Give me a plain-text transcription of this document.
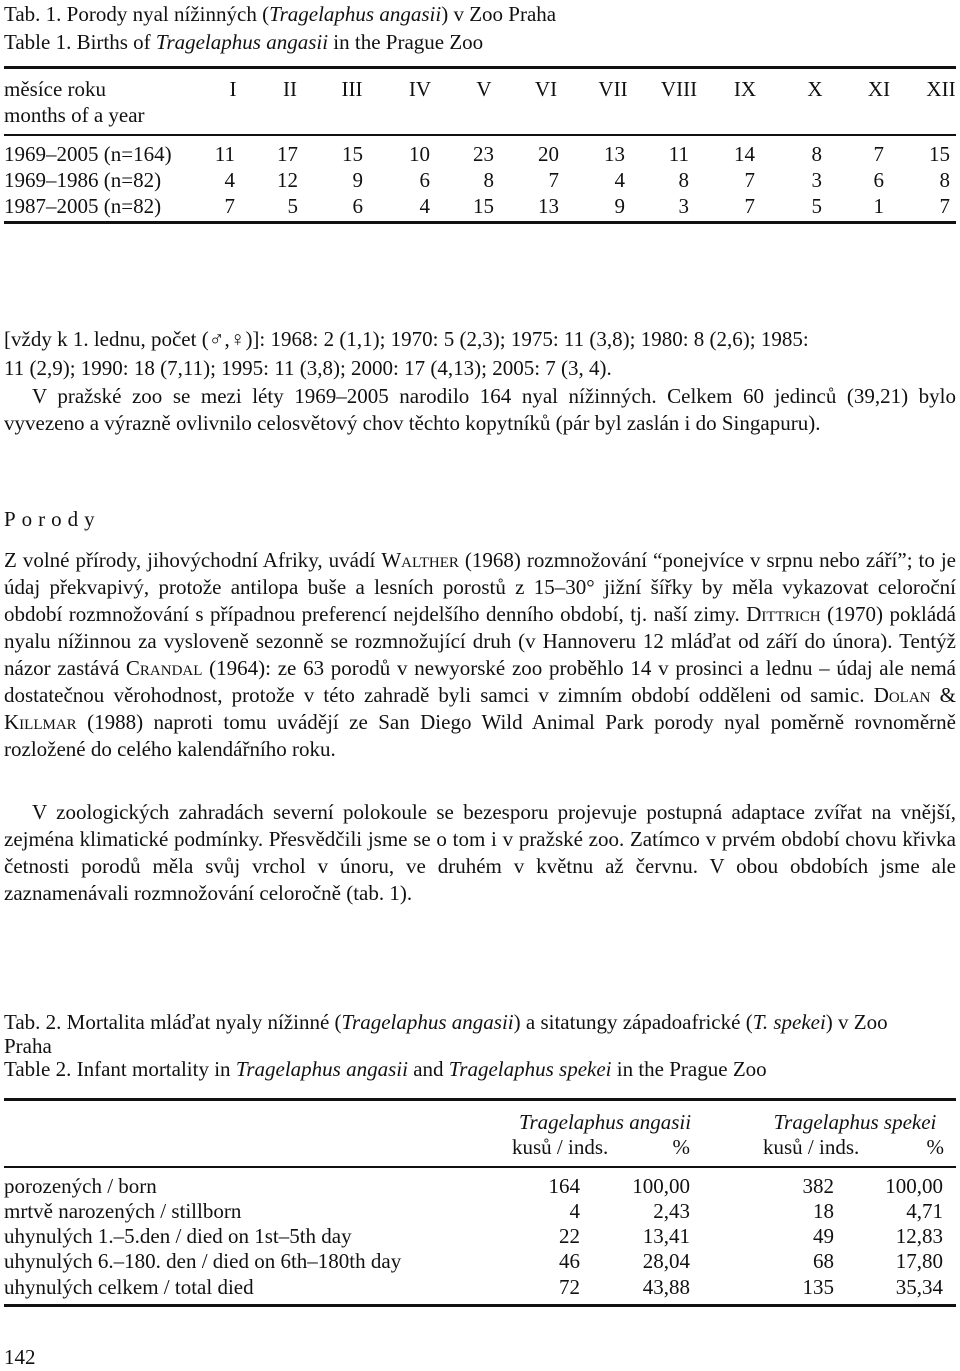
Tab. 1. Porody nyal nížinných (Tragelaphus angasii) v Zoo Praha
Table 1. Births of Tragelaphus angasii in the Prague Zoo
měsíce roku
months of a year
I	II	III	IV	V	VI	VII	VIII	IX	X	XI	XII
1969–2005 (n=164)	11	17	15	10	23	20	13	11	14	8	7	15
1969–1986 (n=82)	4	12	9	6	8	7	4	8	7	3	6	8
1987–2005 (n=82)	7	5	6	4	15	13	9	3	7	5	1	7
[vždy k 1. lednu, počet (♂,♀)]: 1968: 2 (1,1); 1970: 5 (2,3); 1975: 11 (3,8); 1980: 8 (2,6); 1985:
11 (2,9); 1990: 18 (7,11); 1995: 11 (3,8); 2000: 17 (4,13); 2005: 7 (3, 4).
V pražské zoo se mezi léty 1969–2005 narodilo 164 nyal nížinných. Celkem 60 jedinců (39,21) bylo vyvezeno a výrazně ovlivnilo celosvětový chov těchto kopytníků (pár byl zaslán i do Singapuru).
Porody
Z volné přírody, jihovýchodní Afriky, uvádí Walther (1968) rozmnožování “ponejvíce v srpnu nebo září”; to je údaj překvapivý, protože antilopa buše a lesních porostů z 15–30° jižní šířky by měla vykazovat celoroční období rozmnožování s případnou preferencí nejdelšího denního období, tj. naší zimy. Dittrich (1970) pokládá nyalu nížinnou za vysloveně sezonně se rozmnožující druh (v Hannoveru 12 mláďat od září do února). Tentýž názor zastává Crandal (1964): ze 63 porodů v newyorské zoo proběhlo 14 v prosinci a lednu – údaj ale nemá dostatečnou věrohodnost, protože v této zahradě byli samci v zimním období odděleni od samic. Dolan & Killmar (1988) naproti tomu uvádějí ze San Diego Wild Animal Park porody nyal poměrně rovnoměrně rozložené do celého kalendářního roku.
V zoologických zahradách severní polokoule se bezesporu projevuje postupná adaptace zvířat na vnější, zejména klimatické podmínky. Přesvědčili jsme se o tom i v pražské zoo. Zatímco v prvém období chovu křivka četnosti porodů měla svůj vrchol v únoru, ve druhém v květnu až červnu. V obou obdobích jsme ale zaznamenávali rozmnožování celoročně (tab. 1).
Tab. 2. Mortalita mláďat nyaly nížinné (Tragelaphus angasii) a sitatungy západoafrické (T. spekei) v Zoo
Praha
Table 2. Infant mortality in Tragelaphus angasii and Tragelaphus spekei in the Prague Zoo
Tragelaphus angasii	Tragelaphus spekei
kusů / inds.	%	kusů / inds.	%
porozených / born	164	100,00	382	100,00
mrtvě narozených / stillborn	4	2,43	18	4,71
uhynulých 1.–5.den / died on 1st–5th day	22	13,41	49	12,83
uhynulých 6.–180. den / died on 6th–180th day	46	28,04	68	17,80
uhynulých celkem / total died	72	43,88	135	35,34
142
